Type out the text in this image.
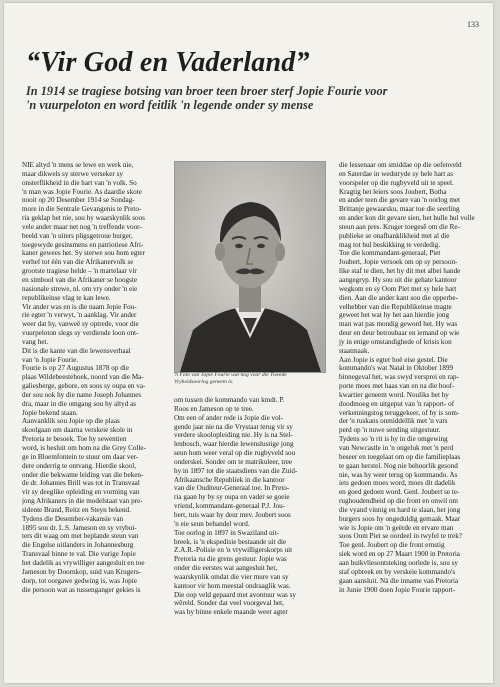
133
“Vir God en Vaderland”
In 1914 se tragiese botsing van broer teen broer sterf Jopie Fourie voor
'n vuurpeloton en word feitlik 'n legende onder sy mense
NIE altyd 'n mens se lewe en werk nie,
maar dikwels sy sterwe verseker sy
onsterflikheid in die hart van 'n volk. So
'n man was Jopie Fourie. As daardie skote
nooit op 20 Desember 1914 se Sondag-
more in die Sentrale Gevangenis te Preto-
ria geklap het nie, sou hy waarskynlik soos
vele ander maar net nog 'n treffende voor-
beeld van 'n uiters pligsgetroue burger,
toegewyde gesinsmens en patriotiese Afri-
kaner gewees het. Sy sterwe sou hom egter
verhef tot één van die Afrikanervolk se
grootste tragiese helde – 'n martelaar vir
en simbool van die Afrikaner se hoogste
nasionale strewe, nl. om vry onder 'n eie
republikeinse vlag te kan lewe.
Vir ander was en is die naam Jopie Fou-
rie egter 'n verwyt, 'n aanklag. Vir ander
weer dat hy, vanweë sy optrede, voor die
vuurpeloton slegs sy verdiende loon ont-
vang het.
Dit is die kante van die lewensverhaal
van 'n Jopie Fourie.
Fourie is op 27 Augustus 1878 op die
plaas Wildebeestehoek, noord van die Ma-
galiesberge, gebore, en soos sy oupa en va-
der sou ook hy die name Joseph Johannes
dra, maar in die omgang sou hy altyd as
Jopie bekend staan.
Aanvanklik sou Jopie op die plaas
skoolgaan om daarna verskeie skole in
Pretoria te besoek. Toe hy sewentien
word, is besluit om hom na die Grey Colle-
ge in Bloemfontein te stuur om daar ver-
dere onderrig te ontvang. Hierdie skool,
onder die bekwame leiding van die beken-
de dr. Johannes Brill was tot in Transvaal
vir sy deeglike opleiding en vorming van
jong Afrikaners in die modelstaat van pre-
sidente Brand, Reitz en Steyn bekend.
Tydens die Desember-vakansie van
1895 sou dr. L.S. Jameson en sy vrybui-
ters dit waag om met beplande steun van
die Engelse uitlanders in Johannesburg
Transvaal binne te val. Die vurige Jopie
het dadelik as vrywilliger aangesluit en toe
Jameson by Doornkop, suid van Krugers-
dorp, tot oorgawe gedwing is, was Jopie
die persoon wat as tussenganger gekies is
'n Foto van Jopie Fourie wat nog voor die Tweede
Vryheidsoorlog geneem is.
om tussen die kommando van kmdt. P.
Roos en Jameson op te tree.
Om een of ander rede is Jopie die vol-
gende jaar nie na die Vrystaat terug vir sy
verdere skoolopleiding nie. Hy is na Stel-
lenbosch, waar hierdie lewenslustige jong
seun hom weer veral op die rugbyveld sou
onderskei. Sonder om te matrikuleer, tree
hy in 1897 tot die staatsdiens van die Zuid-
Afrikaansche Republiek in die kantoor
van die Ouditeur-Generaal toe. In Preto-
ria gaan hy by sy oupa en vader se goeie
vriend, kommandant-generaal P.J. Jou-
bert, tuis waar hy deur mev. Joubert soos
'n eie seun behandel word.
Toe oorlog in 1897 in Swaziland uit-
breek, is 'n ekspedisie bestaande uit die
Z.A.R.-Polisie en 'n vrywilligerskorps uit
Pretoria na die grens gestuur. Jopie was
onder die eerstes wat aangesluit het,
waarskynlik omdat die vier mure van sy
kantoor vir hom meestal ondraaglik was.
Die oop veld gepaard met avontuur was sy
wêreld. Sonder dat veel voorgeval het,
was hy binne enkele maande weer agter
die lessenaar om smiddae op die oefenveld
en Saterdae in wedstryde sy hele hart as
voorspeler op die rugbyveld uit te speel.
Kragtig het leiers soos Joubert, Botha
en ander teen die gevare van 'n oorlog met
Brittanje gewaarsku, maar toe die seerling
en ander kon dit gevare sien, het hulle hul volle
steun aan pres. Kruger toegesê om die Re-
publieke se onafhanklikheid met al die
mag tot hul beskikking te verdedig.
Toe die kommandant-generaal, Piet
Joubert, Jopie versoek om op sy persoon-
like staf te dien, het hy dit met albei hande
aangegryp. Hy sou uit die gehate kantoor
wegkom en sy Oom Piet met sy hele hart
dien. Aan die ander kant sou die opperbe-
velhebber van die Republikeinse magte
geweet het wat hy het aan hierdie jong
man wat pas mondig geword het. Hy was
deur en deur betroubaar en iemand op wie
jy in enige omstandighede of krisis kon
staatmaak.
Aan Jopie is egter hoë eise gestel. Die
kommando's wat Natal in Oktober 1899
binnegeval het, was swyd versprei en rap-
porte moes met haas van en na die hoof-
kwartier geneem word. Nouliks het hy
doodmoeg en uitgeput van 'n rapport- of
verkenningstog teruggekeer, of hy is som-
der 'n ruskans onmiddellik met 'n vars
perd op 'n nuwe sending uitgestuur.
Tydens so 'n rit is hy in die omgewing
van Newcastle in 'n ongeluk met 'n perd
beseer en toegelaat om op die familieplaas
te gaan herstel. Nog nie behoorlik gesond
nie, was hy weer terug op kommando. As
iets gedoen moes word, moes dit dadelik
en goed gedoen word. Genl. Joubert se te-
rughoudendheid op die front en onwil om
die vyand vinnig en hard te slaan, het jong
burgers soos hy ongeduldig gemaak. Maar
wie is Jopie om 'n geërde en ervare man
soos Oom Piet se oordeel in twyfel te trek?
Toe genl. Joubert op die front ernstig
siek word en op 27 Maart 1900 in Pretoria
aan buikvliesontsteking oorlede is, sou sy
staf opbreek en by verskeie kommando's
gaan aansluit. Ná die inname van Pretoria
in Junie 1900 doen Jopie Fourie rapport-
